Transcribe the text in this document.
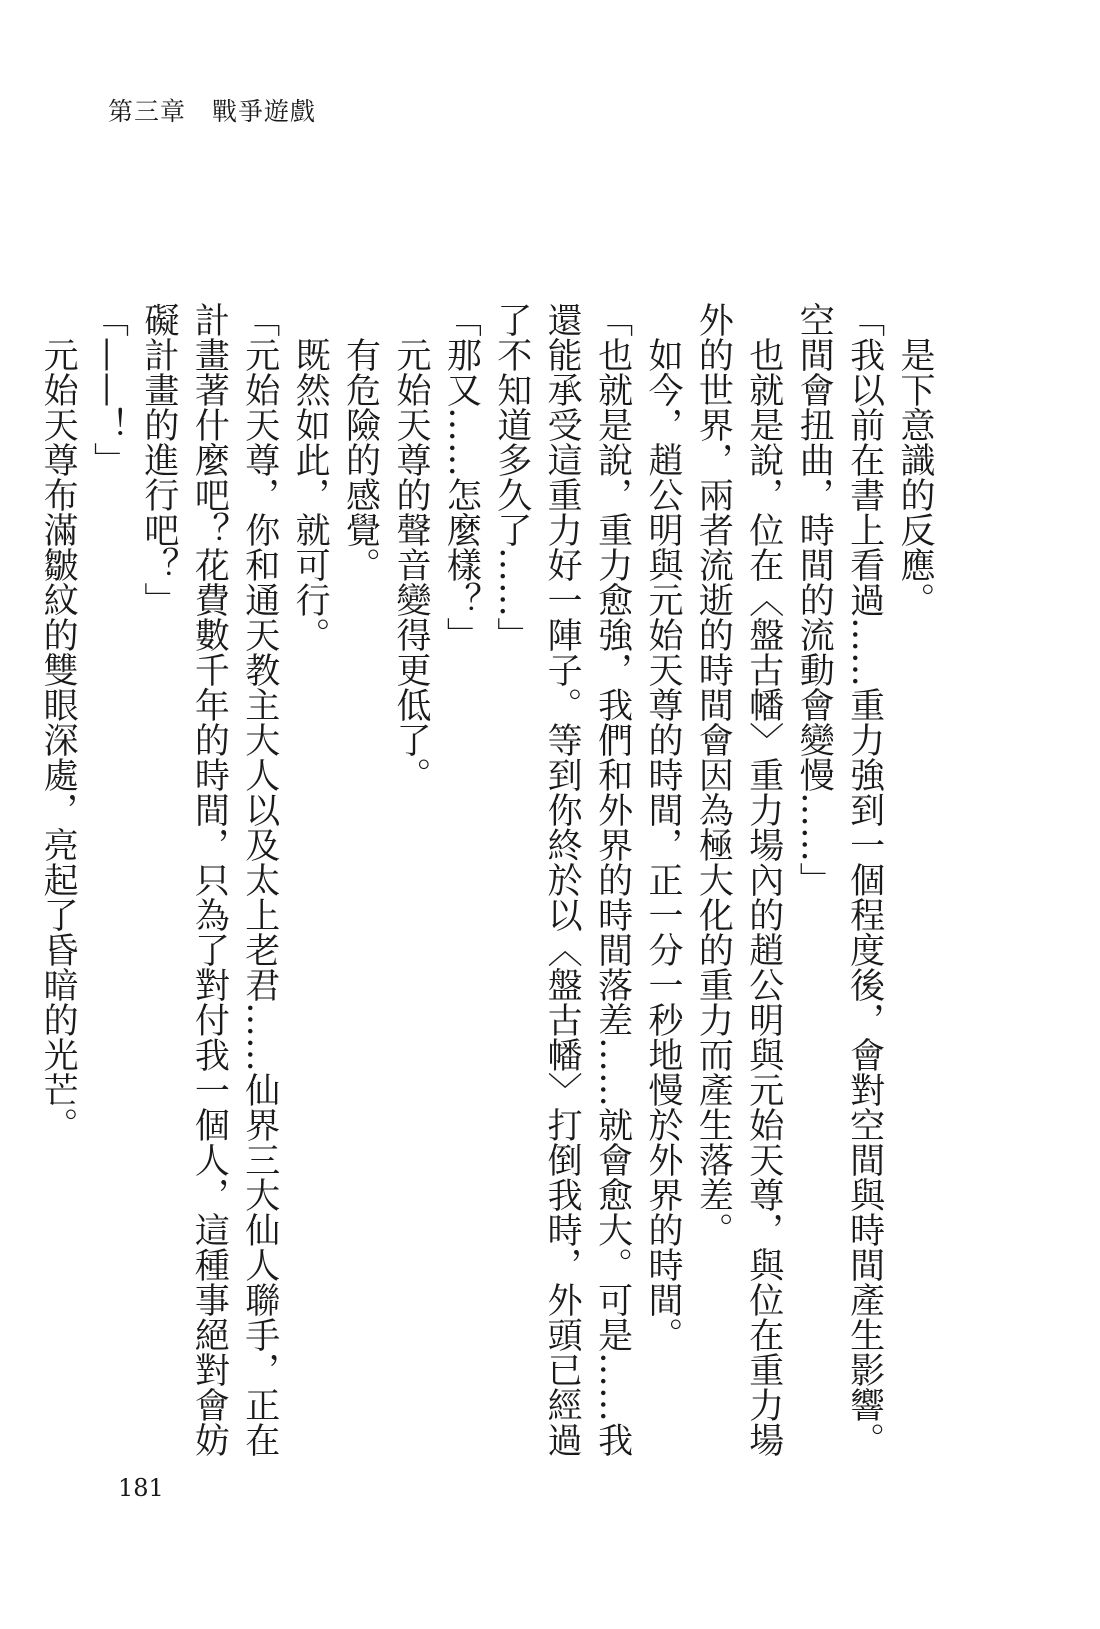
第三章 戰爭遊戲

是下意識的反應。

「我以前在書上看過……重力強到一個程度後，會對空間與時間產生影響。空間會扭曲，時間的流動會變慢……」

也就是說，位在〈盤古幡〉重力場內的趙公明與元始天尊，與位在重力場外的世界，兩者流逝的時間會因為極大化的重力而產生落差。

如今，趙公明與元始天尊的時間，正一分一秒地慢於外界的時間。

「也就是說，重力愈強，我們和外界的時間落差……就會愈大。可是……我還能承受這重力好一陣子。等到你終於以〈盤古幡〉打倒我時，外頭已經過了不知道多久了……」

「那又……怎麼樣？」

元始天尊的聲音變得更低了。

有危險的感覺。

既然如此，就可行。

「元始天尊，你和通天教主大人以及太上老君……仙界三大仙人聯手，正在計畫著什麼吧？花費數千年的時間，只為了對付我一個人，這種事絕對會妨礙計畫的進行吧？」

「——！」

元始天尊布滿皺紋的雙眼深處，亮起了昏暗的光芒。

181
